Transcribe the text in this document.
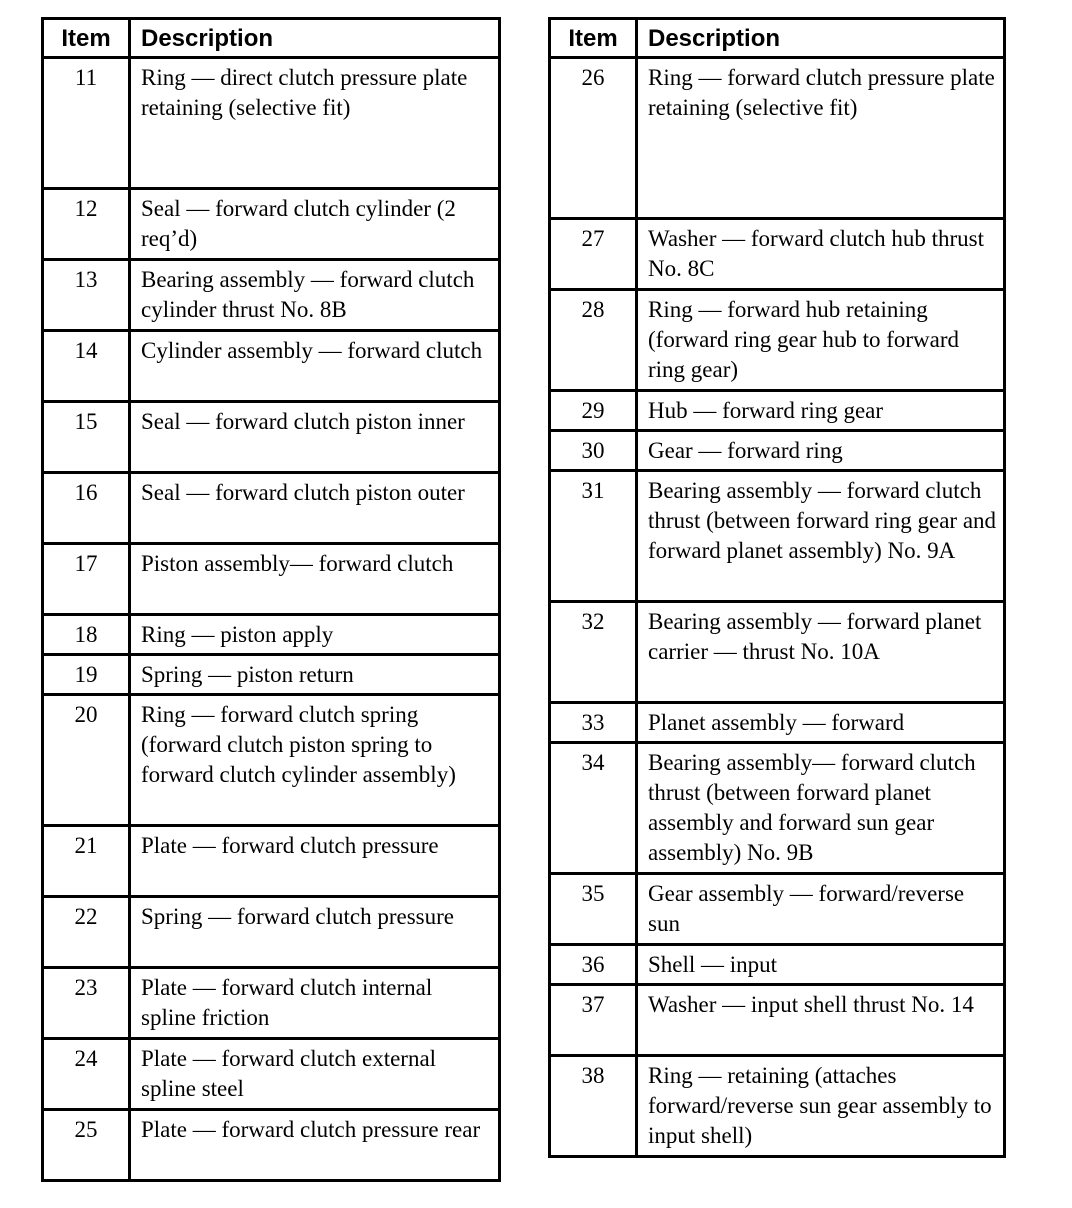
Item	Description
11	Ring — direct clutch pressure plate retaining (selective fit)
12	Seal — forward clutch cylinder (2 req’d)
13	Bearing assembly — forward clutch cylinder thrust No. 8B
14	Cylinder assembly — forward clutch
15	Seal — forward clutch piston inner
16	Seal — forward clutch piston outer
17	Piston assembly— forward clutch
18	Ring — piston apply
19	Spring — piston return
20	Ring — forward clutch spring (forward clutch piston spring to forward clutch cylinder assembly)
21	Plate — forward clutch pressure
22	Spring — forward clutch pressure
23	Plate — forward clutch internal spline friction
24	Plate — forward clutch external spline steel
25	Plate — forward clutch pressure rear
Item	Description
26	Ring — forward clutch pressure plate retaining (selective fit)
27	Washer — forward clutch hub thrust No. 8C
28	Ring — forward hub retaining (forward ring gear hub to forward ring gear)
29	Hub — forward ring gear
30	Gear — forward ring
31	Bearing assembly — forward clutch thrust (between forward ring gear and forward planet assembly) No. 9A
32	Bearing assembly — forward planet carrier — thrust No. 10A
33	Planet assembly — forward
34	Bearing assembly— forward clutch thrust (between forward planet assembly and forward sun gear assembly) No. 9B
35	Gear assembly — forward/reverse sun
36	Shell — input
37	Washer — input shell thrust No. 14
38	Ring — retaining (attaches forward/reverse sun gear assembly to input shell)
